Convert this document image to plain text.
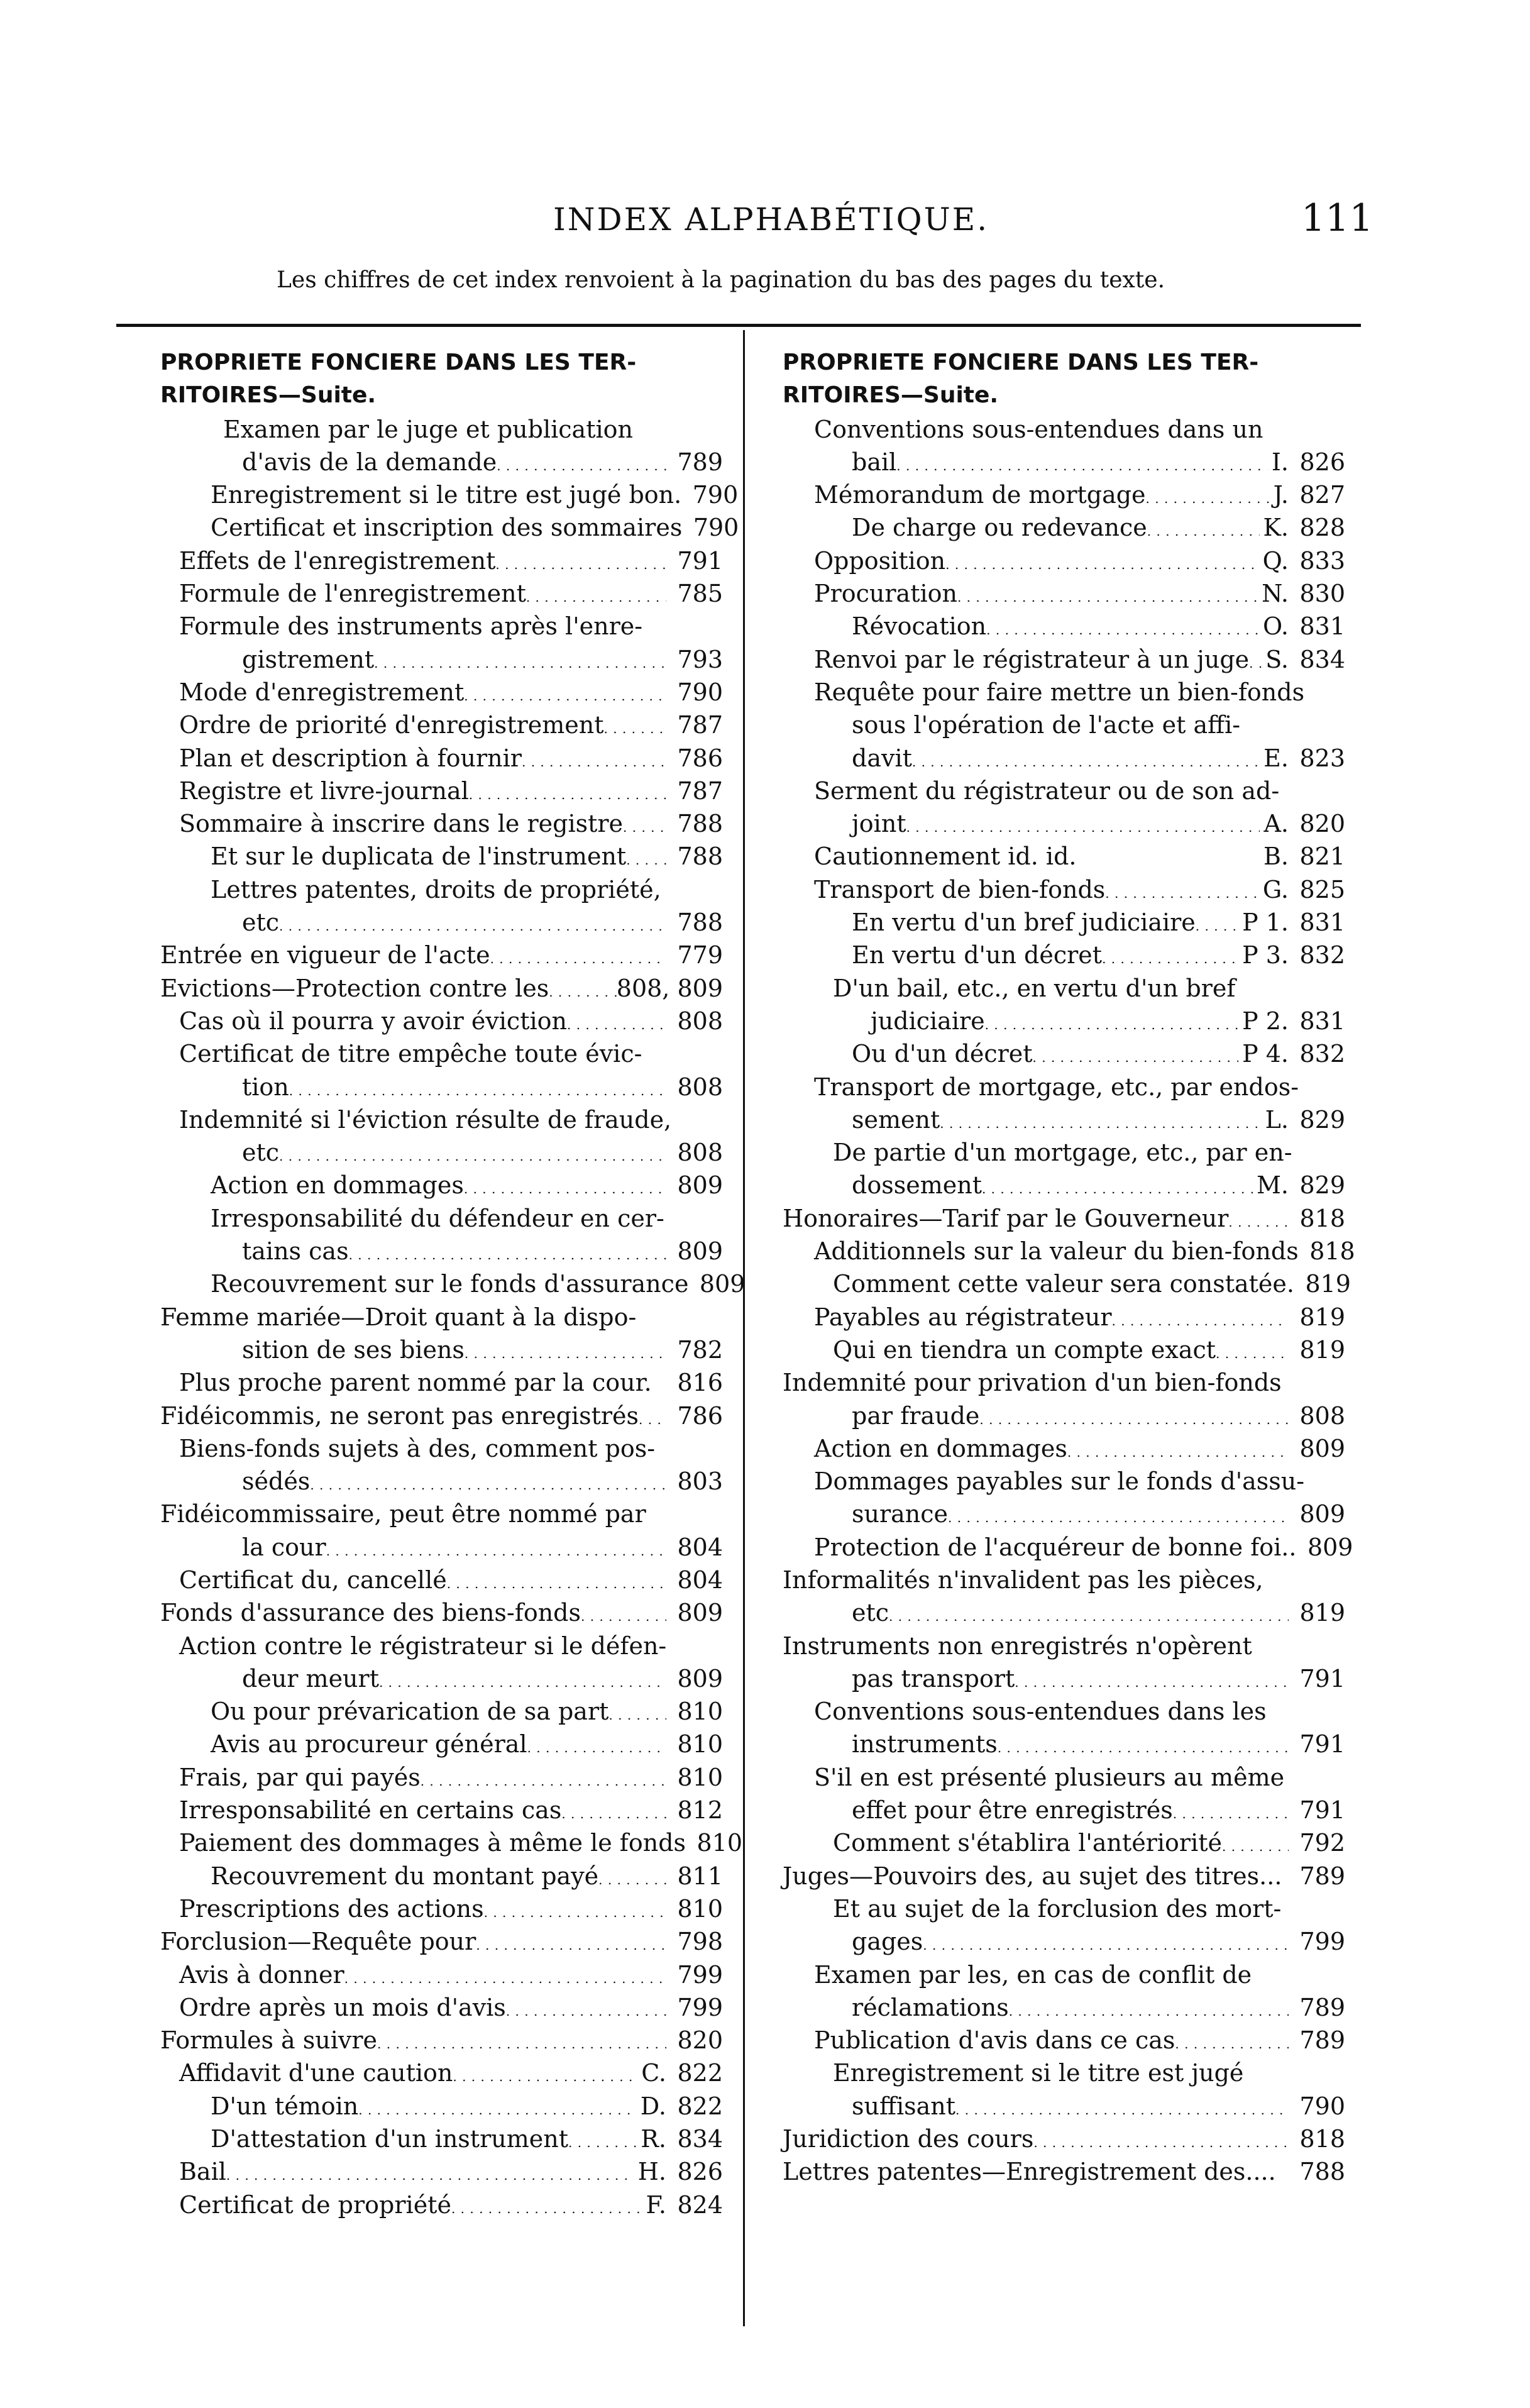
INDEX ALPHABÉTIQUE.	111
Les chiffres de cet index renvoient à la pagination du bas des pages du texte.
PROPRIETE FONCIERE DANS LES TER-
RITOIRES—Suite.
Examen par le juge et publication
d'avis de la demande . . .	789
Enregistrement si le titre est jugé bon. 790
Certificat et inscription des sommaires 790
Effets de l'enregistrement . . .	791
Formule de l'enregistrement . . .	785
Formule des instruments après l'enre-
gistrement . . .	793
Mode d'enregistrement . . .	790
Ordre de priorité d'enregistrement . . .	787
Plan et description à fournir . . .	786
Registre et livre-journal . . .	787
Sommaire à inscrire dans le registre . . .	788
Et sur le duplicata de l'instrument . . .	788
Lettres patentes, droits de propriété,
etc . . .	788
Entrée en vigueur de l'acte . . .	779
Evictions—Protection contre les . . .	808, 809
Cas où il pourra y avoir éviction . . .	808
Certificat de titre empêche toute évic-
tion . . .	808
Indemnité si l'éviction résulte de fraude,
etc . . .	808
Action en dommages . . .	809
Irresponsabilité du défendeur en cer-
tains cas . . .	809
Recouvrement sur le fonds d'assurance 809
Femme mariée—Droit quant à la dispo-
sition de ses biens . . .	782
Plus proche parent nommé par la cour.	816
Fidéicommis, ne seront pas enregistrés . . .	786
Biens-fonds sujets à des, comment pos-
sédés . . .	803
Fidéicommissaire, peut être nommé par
la cour . . .	804
Certificat du, cancellé . . .	804
Fonds d'assurance des biens-fonds . . .	809
Action contre le régistrateur si le défen-
deur meurt . . .	809
Ou pour prévarication de sa part . . .	810
Avis au procureur général . . .	810
Frais, par qui payés . . .	810
Irresponsabilité en certains cas . . .	812
Paiement des dommages à même le fonds 810
Recouvrement du montant payé . . .	811
Prescriptions des actions . . .	810
Forclusion—Requête pour . . .	798
Avis à donner . . .	799
Ordre après un mois d'avis . . .	799
Formules à suivre . . .	820
Affidavit d'une caution . . .	C. 822
D'un témoin . . .	D. 822
D'attestation d'un instrument . . .	R. 834
Bail . . .	H. 826
Certificat de propriété . . .	F. 824
PROPRIETE FONCIERE DANS LES TER-
RITOIRES—Suite.
Conventions sous-entendues dans un
bail . . .	I. 826
Mémorandum de mortgage . . .	J. 827
De charge ou redevance . . .	K. 828
Opposition . . .	Q. 833
Procuration . . .	N. 830
Révocation . . .	O. 831
Renvoi par le régistrateur à un juge . . . S. 834
Requête pour faire mettre un bien-fonds
sous l'opération de l'acte et affi-
davit . . .	E. 823
Serment du régistrateur ou de son ad-
joint . . .	A. 820
Cautionnement id. id.	B. 821
Transport de bien-fonds . . .	G. 825
En vertu d'un bref judiciaire . . . P 1. 831
En vertu d'un décret . . .	P 3. 832
D'un bail, etc., en vertu d'un bref
judiciaire . . .	P 2. 831
Ou d'un décret . . .	P 4. 832
Transport de mortgage, etc., par endos-
sement . . .	L. 829
De partie d'un mortgage, etc., par en-
dossement . . .	M. 829
Honoraires—Tarif par le Gouverneur . . .	818
Additionnels sur la valeur du bien-fonds 818
Comment cette valeur sera constatée. 819
Payables au régistrateur . . .	819
Qui en tiendra un compte exact . . .	819
Indemnité pour privation d'un bien-fonds
par fraude . . .	808
Action en dommages . . .	809
Dommages payables sur le fonds d'assu-
surance . . .	809
Protection de l'acquéreur de bonne foi.. 809
Informalités n'invalident pas les pièces,
etc . . .	819
Instruments non enregistrés n'opèrent
pas transport . . .	791
Conventions sous-entendues dans les
instruments . . .	791
S'il en est présenté plusieurs au même
effet pour être enregistrés . . .	791
Comment s'établira l'antériorité . . .	792
Juges—Pouvoirs des, au sujet des titres... 789
Et au sujet de la forclusion des mort-
gages . . .	799
Examen par les, en cas de conflit de
réclamations . . .	789
Publication d'avis dans ce cas . . .	789
Enregistrement si le titre est jugé
suffisant . . .	790
Juridiction des cours . . .	818
Lettres patentes—Enregistrement des.... 788
